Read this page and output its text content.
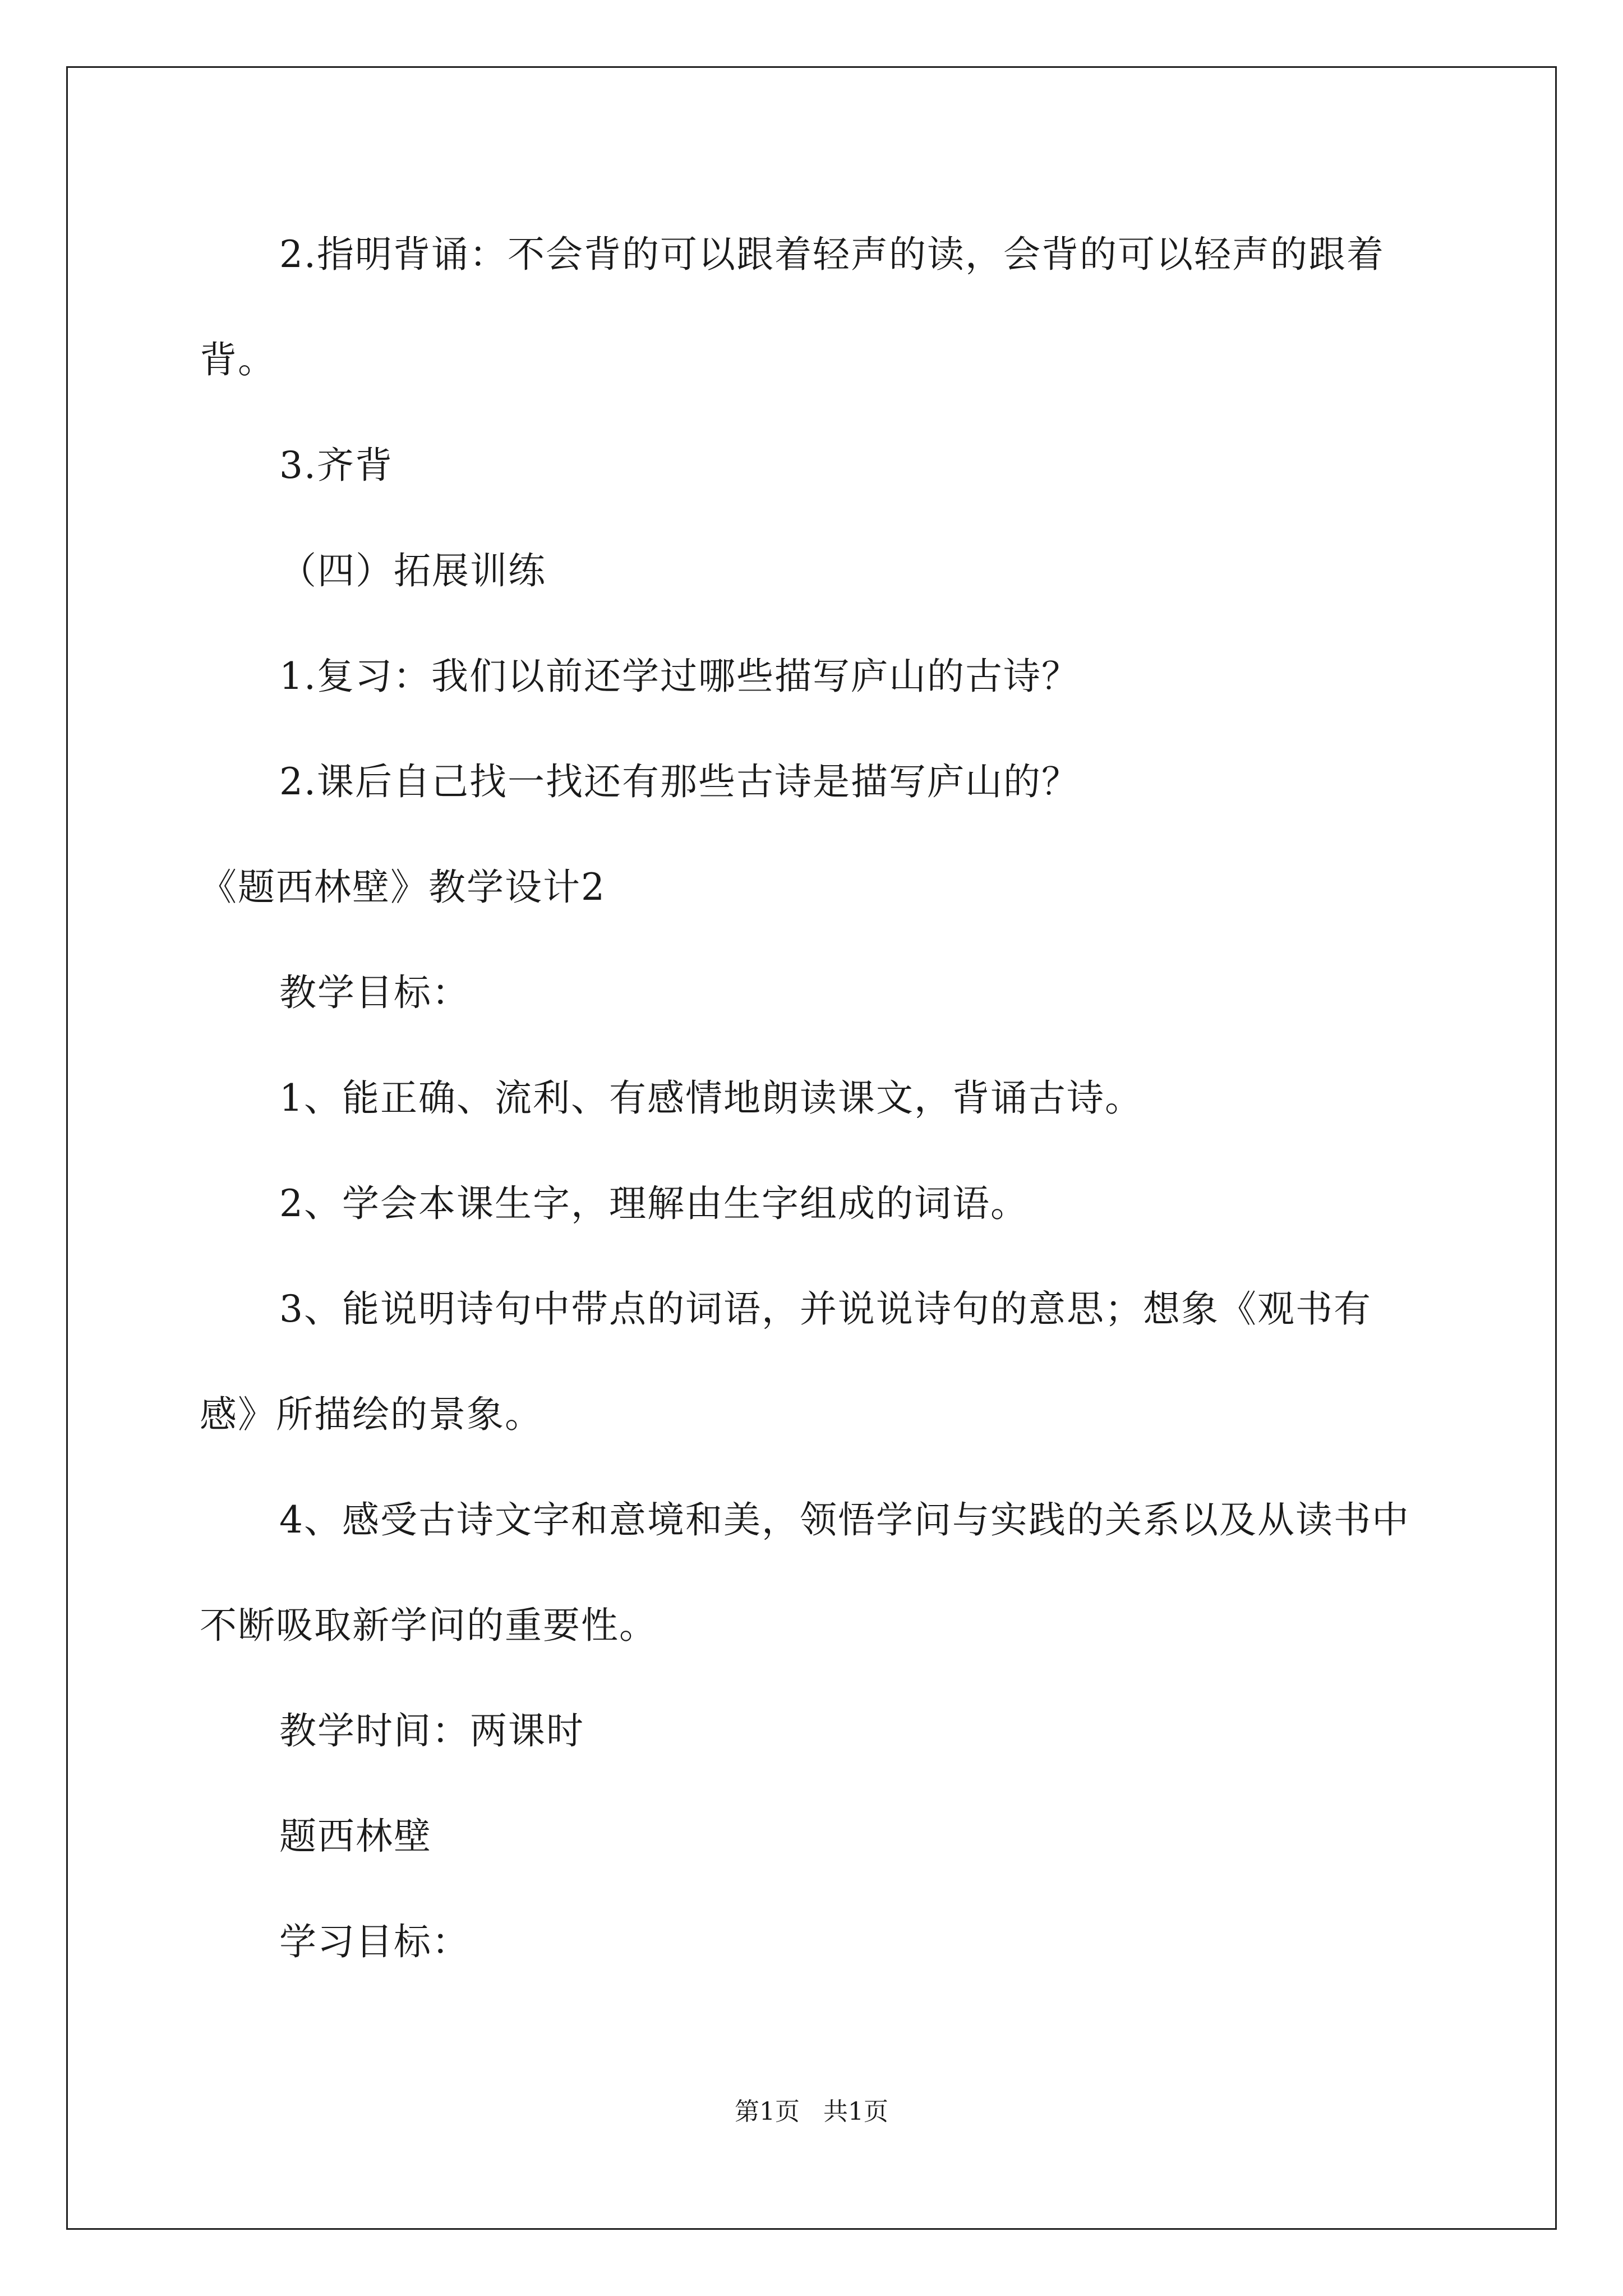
2.指明背诵：不会背的可以跟着轻声的读，会背的可以轻声的跟着背。

3.齐背

（四）拓展训练

1.复习：我们以前还学过哪些描写庐山的古诗？

2.课后自己找一找还有那些古诗是描写庐山的？

《题西林壁》教学设计2

教学目标：

1、能正确、流利、有感情地朗读课文，背诵古诗。

2、学会本课生字，理解由生字组成的词语。

3、能说明诗句中带点的词语，并说说诗句的意思；想象《观书有感》所描绘的景象。

4、感受古诗文字和意境和美，领悟学问与实践的关系以及从读书中不断吸取新学问的重要性。

教学时间：两课时

题西林壁

学习目标：

第1页 共1页
